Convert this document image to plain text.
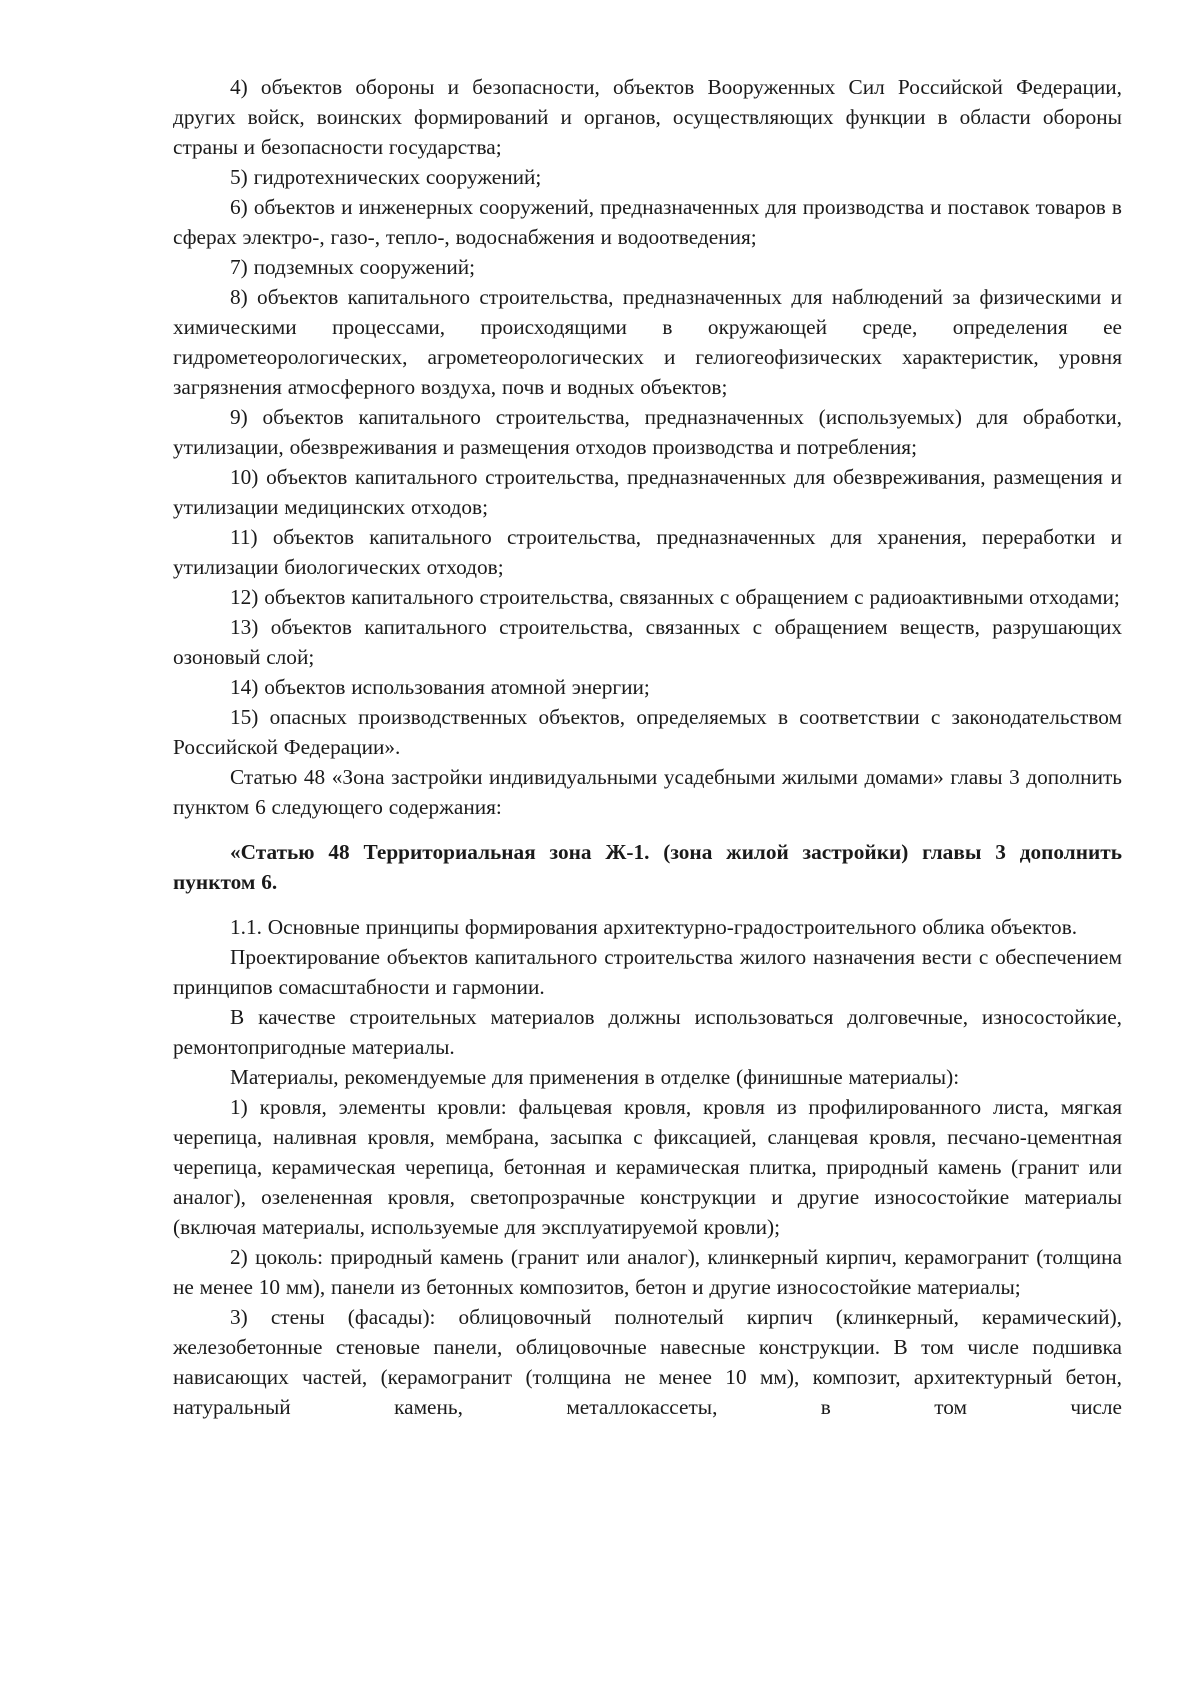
4) объектов обороны и безопасности, объектов Вооруженных Сил Российской Федерации, других войск, воинских формирований и органов, осуществляющих функции в области обороны страны и безопасности государства;

5) гидротехнических сооружений;

6) объектов и инженерных сооружений, предназначенных для производства и поставок товаров в сферах электро-, газо-, тепло-, водоснабжения и водоотведения;

7) подземных сооружений;

8) объектов капитального строительства, предназначенных для наблюдений за физическими и химическими процессами, происходящими в окружающей среде, определения ее гидрометеорологических, агрометеорологических и гелиогеофизических характеристик, уровня загрязнения атмосферного воздуха, почв и водных объектов;

9) объектов капитального строительства, предназначенных (используемых) для обработки, утилизации, обезвреживания и размещения отходов производства и потребления;

10) объектов капитального строительства, предназначенных для обезвреживания, размещения и утилизации медицинских отходов;

11) объектов капитального строительства, предназначенных для хранения, переработки и утилизации биологических отходов;

12) объектов капитального строительства, связанных с обращением с радиоактивными отходами;

13) объектов капитального строительства, связанных с обращением веществ, разрушающих озоновый слой;

14) объектов использования атомной энергии;

15) опасных производственных объектов, определяемых в соответствии с законодательством Российской Федерации».

Статью 48 «Зона застройки индивидуальными усадебными жилыми домами» главы 3 дополнить пунктом 6 следующего содержания:

«Статью 48 Территориальная зона Ж-1. (зона жилой застройки) главы 3 дополнить пунктом 6.

1.1. Основные принципы формирования архитектурно-градостроительного облика объектов.

Проектирование объектов капитального строительства жилого назначения вести с обеспечением принципов сомасштабности и гармонии.

В качестве строительных материалов должны использоваться долговечные, износостойкие, ремонтопригодные материалы.

Материалы, рекомендуемые для применения в отделке (финишные материалы):

1) кровля, элементы кровли: фальцевая кровля, кровля из профилированного листа, мягкая черепица, наливная кровля, мембрана, засыпка с фиксацией, сланцевая кровля, песчано-цементная черепица, керамическая черепица, бетонная и керамическая плитка, природный камень (гранит или аналог), озелененная кровля, светопрозрачные конструкции и другие износостойкие материалы (включая материалы, используемые для эксплуатируемой кровли);

2) цоколь: природный камень (гранит или аналог), клинкерный кирпич, керамогранит (толщина не менее 10 мм), панели из бетонных композитов, бетон и другие износостойкие материалы;

3) стены (фасады): облицовочный полнотелый кирпич (клинкерный, керамический), железобетонные стеновые панели, облицовочные навесные конструкции. В том числе подшивка нависающих частей, (керамогранит (толщина не менее 10 мм), композит, архитектурный бетон, натуральный камень, металлокассеты, в том числе
